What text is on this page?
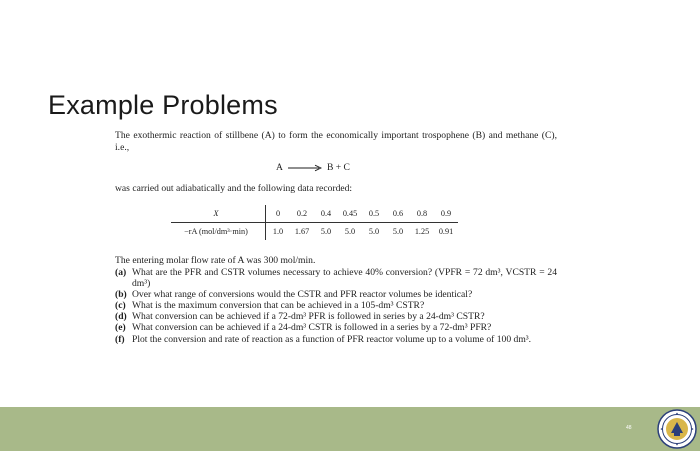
Example Problems
The exothermic reaction of stillbene (A) to form the economically important trospophene (B) and methane (C), i.e.,
A → B + C
was carried out adiabatically and the following data recorded:
X	0	0.2	0.4	0.45	0.5	0.6	0.8	0.9
−rA (mol/dm³·min)	1.0	1.67	5.0	5.0	5.0	5.0	1.25	0.91
The entering molar flow rate of A was 300 mol/min.
(a) What are the PFR and CSTR volumes necessary to achieve 40% conversion? (VPFR = 72 dm³, VCSTR = 24 dm³)
(b) Over what range of conversions would the CSTR and PFR reactor volumes be identical?
(c) What is the maximum conversion that can be achieved in a 105-dm³ CSTR?
(d) What conversion can be achieved if a 72-dm³ PFR is followed in series by a 24-dm³ CSTR?
(e) What conversion can be achieved if a 24-dm³ CSTR is followed in a series by a 72-dm³ PFR?
(f) Plot the conversion and rate of reaction as a function of PFR reactor volume up to a volume of 100 dm³.
48
